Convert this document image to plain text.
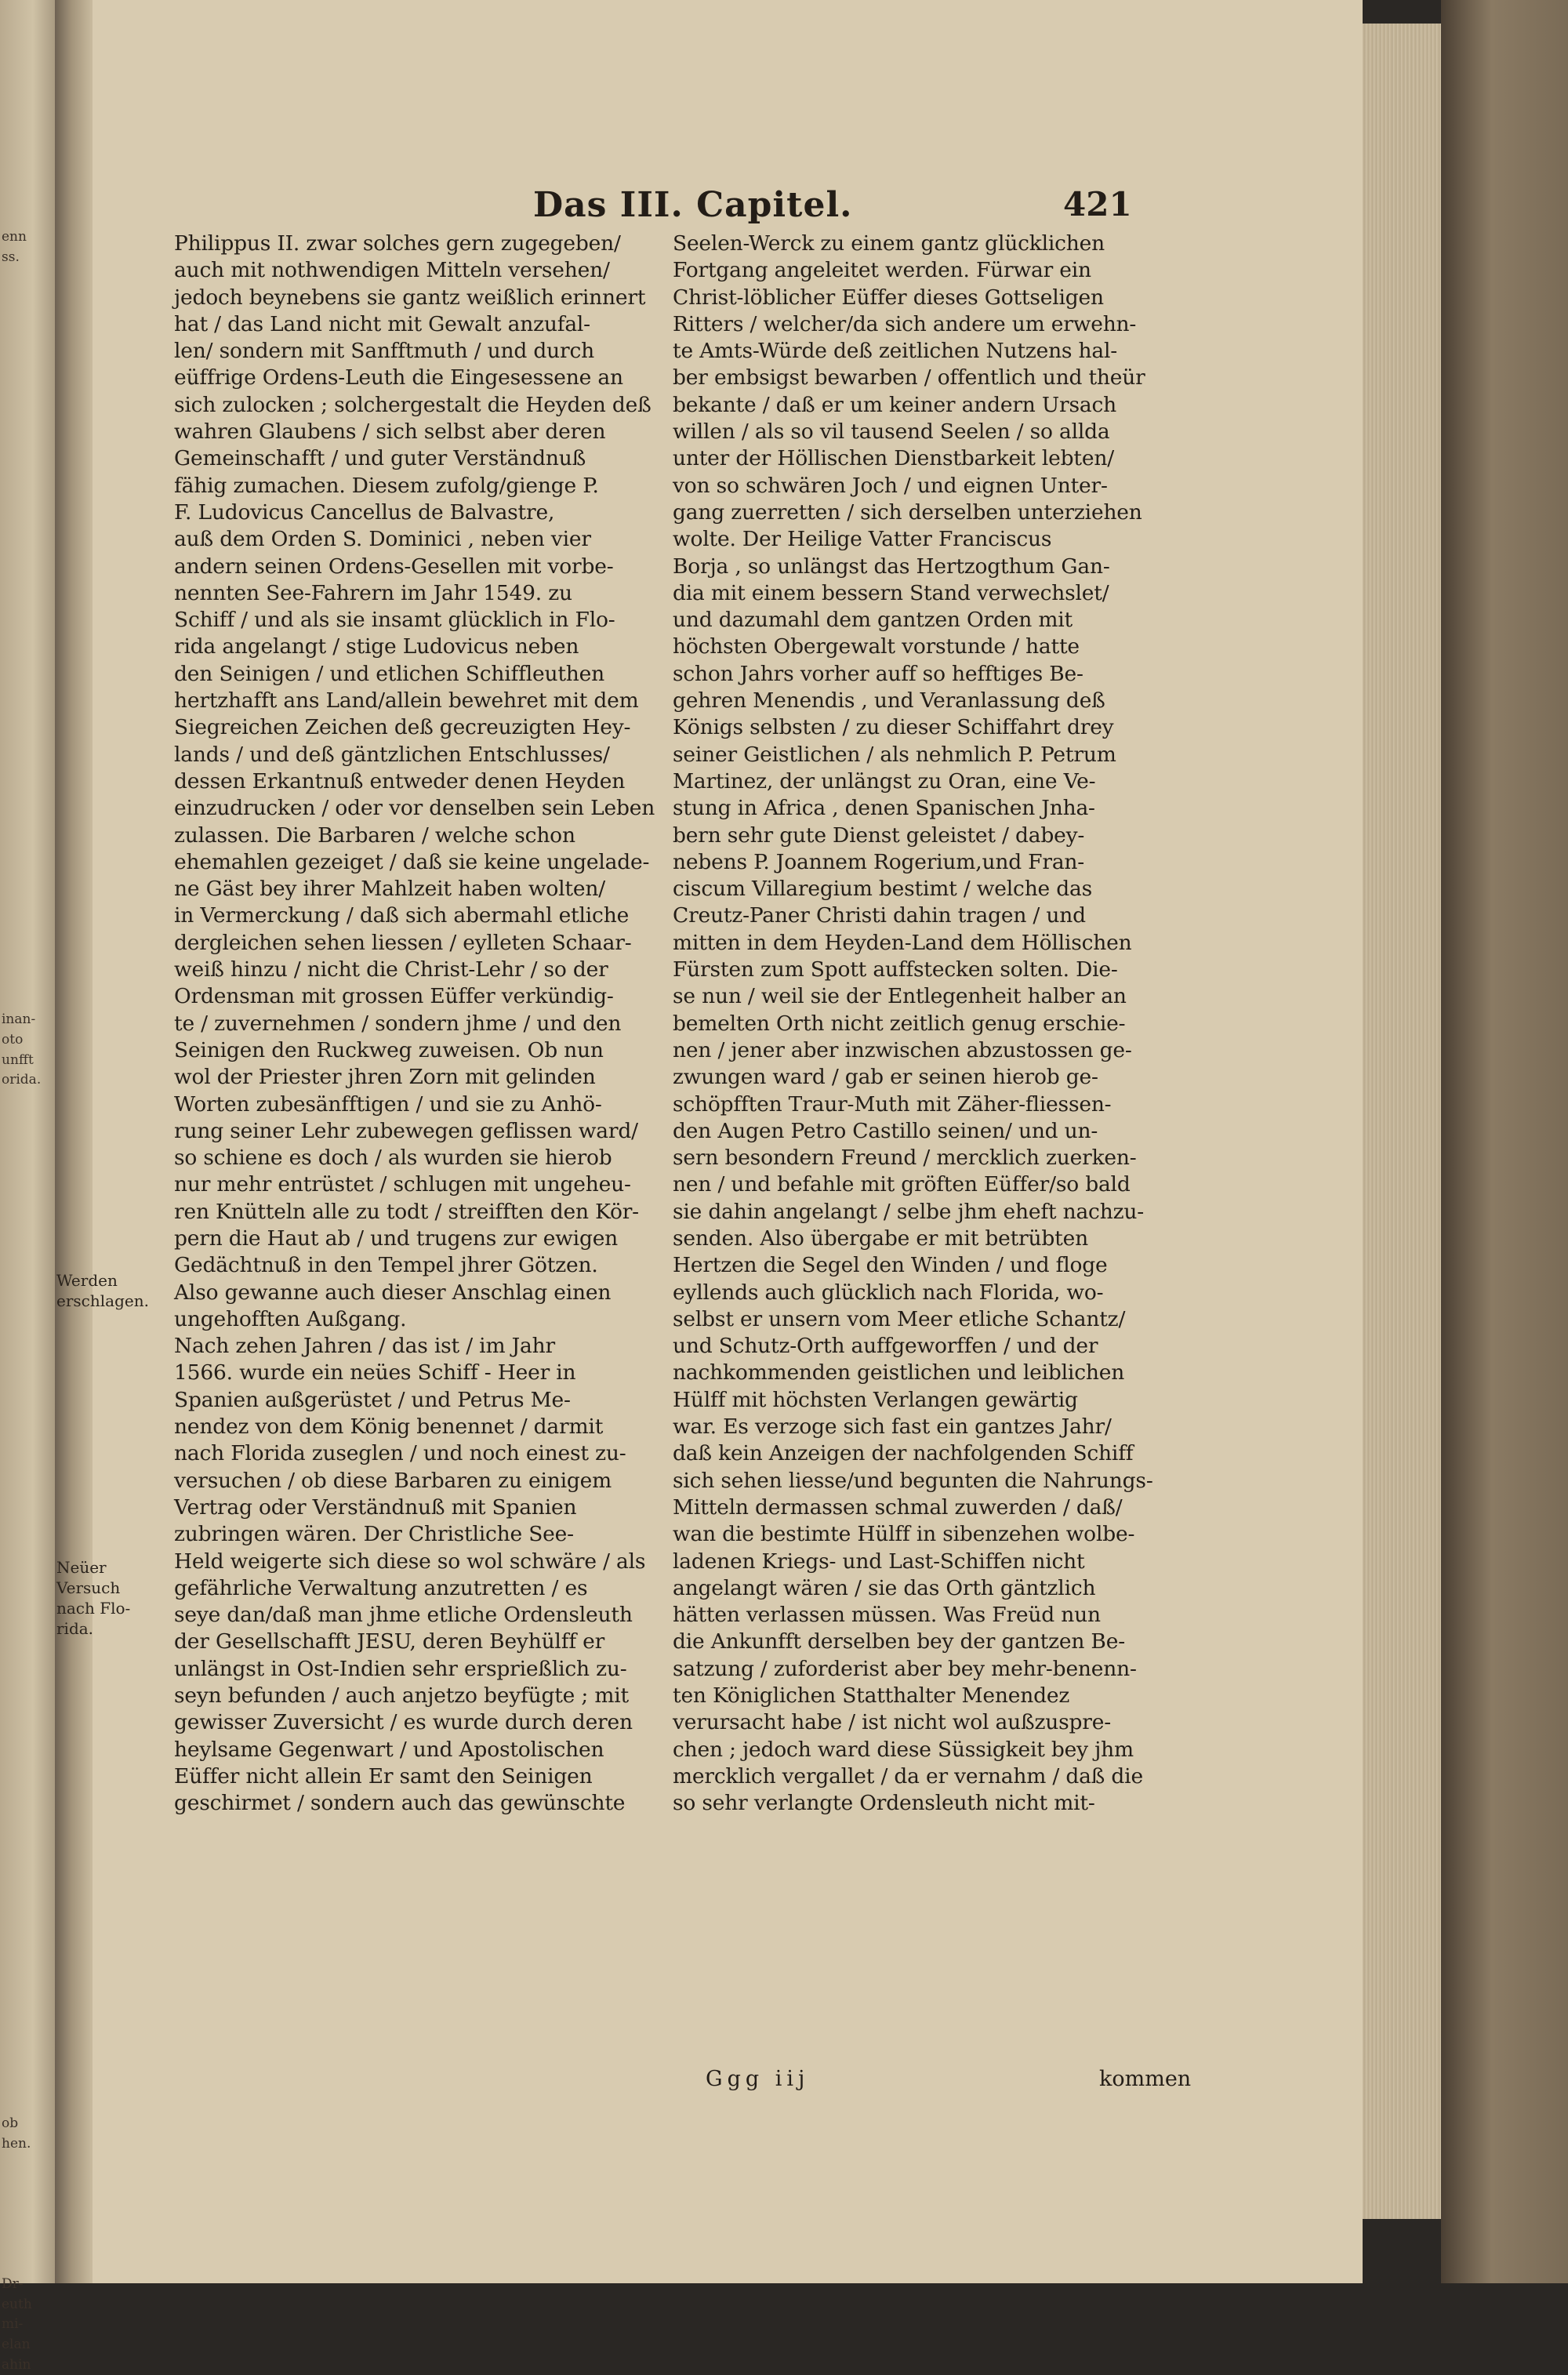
enn
ss.
inan-
oto
unfft
orida.
ob
hen.
Dr-
euth
mi-
elan
ahin
Das III. Capitel.	421
Philippus II. zwar solches gern zugegeben/
auch mit nothwendigen Mitteln versehen/
jedoch beynebens sie gantz weißlich erinnert
hat / das Land nicht mit Gewalt anzufal-
len/ sondern mit Sanfftmuth / und durch
eüffrige Ordens-Leuth die Eingesessene an
sich zulocken ; solchergestalt die Heyden deß
wahren Glaubens / sich selbst aber deren
Gemeinschafft / und guter Verständnuß
fähig zumachen. Diesem zufolg/gienge P.
F. Ludovicus Cancellus de Balvastre,
auß dem Orden S. Dominici , neben vier
andern seinen Ordens-Gesellen mit vorbe-
nennten See-Fahrern im Jahr 1549. zu
Schiff / und als sie insamt glücklich in Flo-
rida angelangt / stige Ludovicus neben
den Seinigen / und etlichen Schiffleuthen
hertzhafft ans Land/allein bewehret mit dem
Siegreichen Zeichen deß gecreuzigten Hey-
lands / und deß gäntzlichen Entschlusses/
dessen Erkantnuß entweder denen Heyden
einzudrucken / oder vor denselben sein Leben
zulassen. Die Barbaren / welche schon
ehemahlen gezeiget / daß sie keine ungelade-
ne Gäst bey ihrer Mahlzeit haben wolten/
in Vermerckung / daß sich abermahl etliche
dergleichen sehen liessen / eylleten Schaar-
weiß hinzu / nicht die Christ-Lehr / so der
Ordensman mit grossen Eüffer verkündig-
te / zuvernehmen / sondern jhme / und den
Seinigen den Ruckweg zuweisen. Ob nun
wol der Priester jhren Zorn mit gelinden
Worten zubesänfftigen / und sie zu Anhö-
rung seiner Lehr zubewegen geflissen ward/
so schiene es doch / als wurden sie hierob
nur mehr entrüstet / schlugen mit ungeheu-
ren Knütteln alle zu todt / streifften den Kör-
pern die Haut ab / und trugens zur ewigen
Gedächtnuß in den Tempel jhrer Götzen.
Also gewanne auch dieser Anschlag einen
ungehofften Außgang.
Nach zehen Jahren / das ist / im Jahr
1566. wurde ein neües Schiff - Heer in
Spanien außgerüstet / und Petrus Me-
nendez von dem König benennet / darmit
nach Florida zuseglen / und noch einest zu-
versuchen / ob diese Barbaren zu einigem
Vertrag oder Verständnuß mit Spanien
zubringen wären. Der Christliche See-
Held weigerte sich diese so wol schwäre / als
gefährliche Verwaltung anzutretten / es
seye dan/daß man jhme etliche Ordensleuth
der Gesellschafft JESU, deren Beyhülff er
unlängst in Ost-Indien sehr ersprießlich zu-
seyn befunden / auch anjetzo beyfügte ; mit
gewisser Zuversicht / es wurde durch deren
heylsame Gegenwart / und Apostolischen
Eüffer nicht allein Er samt den Seinigen
geschirmet / sondern auch das gewünschte
Seelen-Werck zu einem gantz glücklichen
Fortgang angeleitet werden. Fürwar ein
Christ-löblicher Eüffer dieses Gottseligen
Ritters / welcher/da sich andere um erwehn-
te Amts-Würde deß zeitlichen Nutzens hal-
ber embsigst bewarben / offentlich und theür
bekante / daß er um keiner andern Ursach
willen / als so vil tausend Seelen / so allda
unter der Höllischen Dienstbarkeit lebten/
von so schwären Joch / und eignen Unter-
gang zuerretten / sich derselben unterziehen
wolte. Der Heilige Vatter Franciscus
Borja , so unlängst das Hertzogthum Gan-
dia mit einem bessern Stand verwechslet/
und dazumahl dem gantzen Orden mit
höchsten Obergewalt vorstunde / hatte
schon Jahrs vorher auff so hefftiges Be-
gehren Menendis , und Veranlassung deß
Königs selbsten / zu dieser Schiffahrt drey
seiner Geistlichen / als nehmlich P. Petrum
Martinez, der unlängst zu Oran, eine Ve-
stung in Africa , denen Spanischen Jnha-
bern sehr gute Dienst geleistet / dabey-
nebens P. Joannem Rogerium,und Fran-
ciscum Villaregium bestimt / welche das
Creutz-Paner Christi dahin tragen / und
mitten in dem Heyden-Land dem Höllischen
Fürsten zum Spott auffstecken solten. Die-
se nun / weil sie der Entlegenheit halber an
bemelten Orth nicht zeitlich genug erschie-
nen / jener aber inzwischen abzustossen ge-
zwungen ward / gab er seinen hierob ge-
schöpfften Traur-Muth mit Zäher-fliessen-
den Augen Petro Castillo seinen/ und un-
sern besondern Freund / mercklich zuerken-
nen / und befahle mit gröften Eüffer/so bald
sie dahin angelangt / selbe jhm eheft nachzu-
senden. Also übergabe er mit betrübten
Hertzen die Segel den Winden / und floge
eyllends auch glücklich nach Florida, wo-
selbst er unsern vom Meer etliche Schantz/
und Schutz-Orth auffgeworffen / und der
nachkommenden geistlichen und leiblichen
Hülff mit höchsten Verlangen gewärtig
war. Es verzoge sich fast ein gantzes Jahr/
daß kein Anzeigen der nachfolgenden Schiff
sich sehen liesse/und begunten die Nahrungs-
Mitteln dermassen schmal zuwerden / daß/
wan die bestimte Hülff in sibenzehen wolbe-
ladenen Kriegs- und Last-Schiffen nicht
angelangt wären / sie das Orth gäntzlich
hätten verlassen müssen. Was Freüd nun
die Ankunfft derselben bey der gantzen Be-
satzung / zuforderist aber bey mehr-benenn-
ten Königlichen Statthalter Menendez
verursacht habe / ist nicht wol außzuspre-
chen ; jedoch ward diese Süssigkeit bey jhm
mercklich vergallet / da er vernahm / daß die
so sehr verlangte Ordensleuth nicht mit-
Werden
erschlagen.
Neüer
Versuch
nach Flo-
rida.
Ggg iij	kommen
